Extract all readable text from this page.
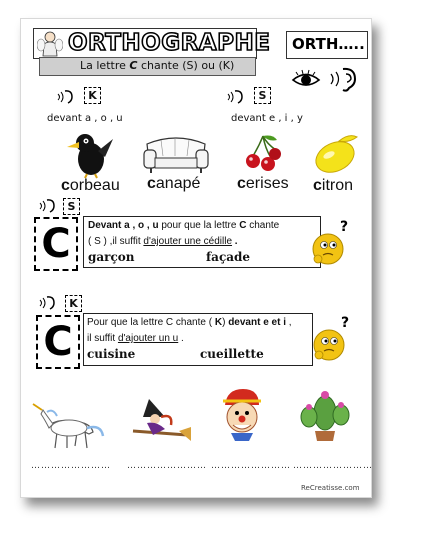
ORTHOGRAPHE ORTH…..
La lettre C chante (S) ou (K)
K
devant a , o , u
S
devant e , i , y
corbeau canapé cerises citron
S
C	Devant a , o , u pour que la lettre C chante
( S ) ,il suffit d'ajouter une cédille .
garçon	façade
?
K
C	Pour que la lettre C chante ( K) devant e et i ,
il suffit d'ajouter un u .
cuisine	cueillette
?
…………………… …………………… …………………… ……………………
ReCreatisse.com
